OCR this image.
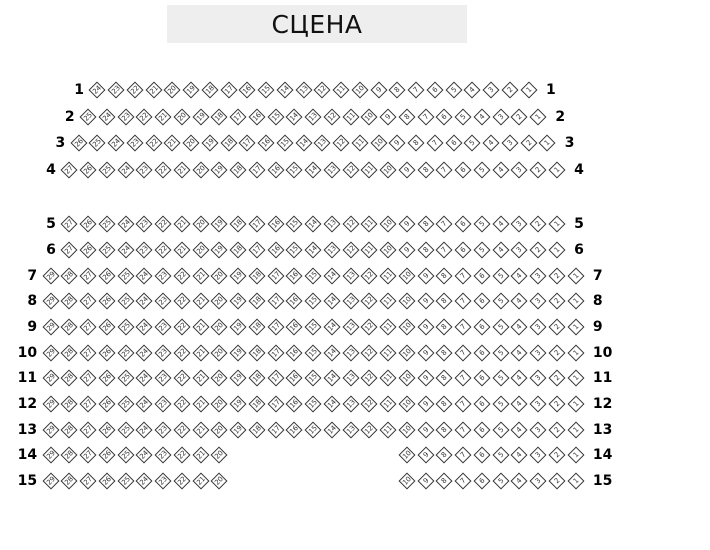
СЦЕНА
1	24 23 22 21 20 19 18 17 16 15 14 13 12 11 10 9 8 7 6 5 4 3 2 1 1
2	25 24 23 22 21 20 19 18 17 16 15 14 13 12 11 10 9 8 7 6 5 4 3 2 1 2
3	26 25 24 23 22 21 20 19 18 17 16 15 14 13 12 11 10 9 8 7 6 5 4 3 2 1 3
4	27 26 25 24 23 22 21 20 19 18 17 16 15 14 13 12 11 10 9 8 7 6 5 4 3 2 1 4
5	27 26 25 24 23 22 21 20 19 18 17 16 15 14 13 12 11 10 9 8 7 6 5 4 3 2 1 5
6	27 26 25 24 23 22 21 20 19 18 17 16 15 14 13 12 11 10 9 8 7 6 5 4 3 2 1 6
7	29 28 27 26 25 24 23 22 21 20 19 18 17 16 15 14 13 12 11 10 9 8 7 6 5 4 3 2 1 7
8	29 28 27 26 25 24 23 22 21 20 19 18 17 16 15 14 13 12 11 10 9 8 7 6 5 4 3 2 1 8
9	29 28 27 26 25 24 23 22 21 20 19 18 17 16 15 14 13 12 11 10 9 8 7 6 5 4 3 2 1 9
10	29 28 27 26 25 24 23 22 21 20 19 18 17 16 15 14 13 12 11 10 9 8 7 6 5 4 3 2 1 10
11	29 28 27 26 25 24 23 22 21 20 19 18 17 16 15 14 13 12 11 10 9 8 7 6 5 4 3 2 1 11
12	29 28 27 26 25 24 23 22 21 20 19 18 17 16 15 14 13 12 11 10 9 8 7 6 5 4 3 2 1 12
13	29 28 27 26 25 24 23 22 21 20 19 18 17 16 15 14 13 12 11 10 9 8 7 6 5 4 3 2 1 13
14	29 28 27 26 25 24 23 22 21 20	10 9 8 7 6 5 4 3 2 1 14
15	29 28 27 26 25 24 23 22 21 20	10 9 8 7 6 5 4 3 2 1 15
